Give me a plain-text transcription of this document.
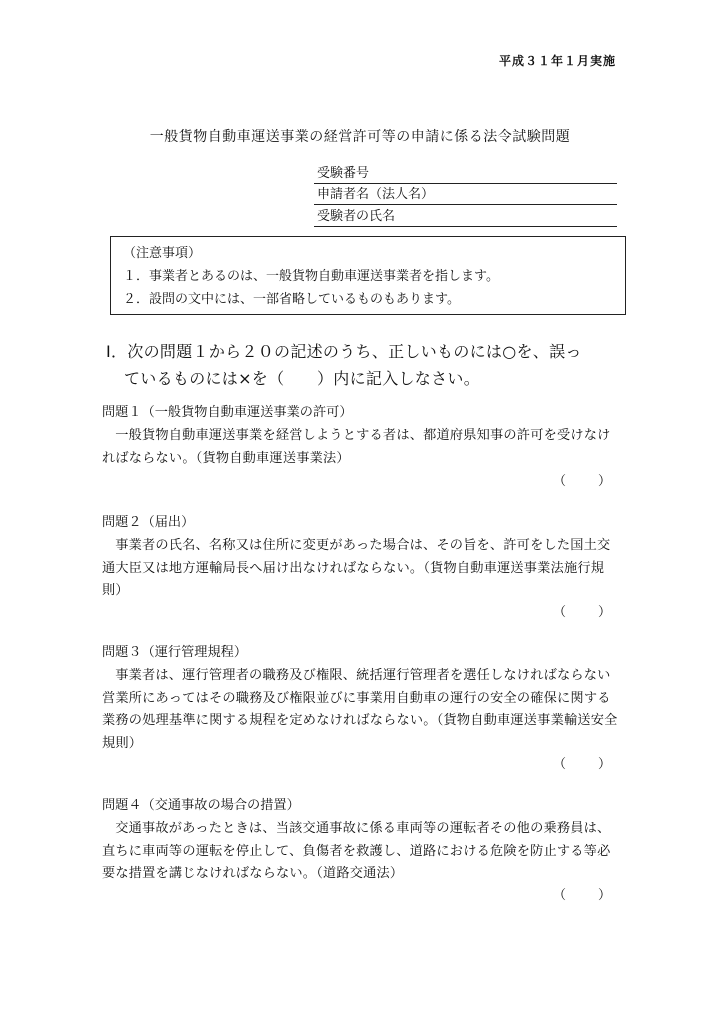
平成３１年１月実施
一般貨物自動車運送事業の経営許可等の申請に係る法令試験問題
受験番号
申請者名（法人名）
受験者の氏名
（注意事項）
１．事業者とあるのは、一般貨物自動車運送事業者を指します。
２．設問の文中には、一部省略しているものもあります。
Ⅰ．次の問題１から２０の記述のうち、正しいものには○を、誤っ
ているものには×を（　　）内に記入しなさい。
問題１（一般貨物自動車運送事業の許可）
一般貨物自動車運送事業を経営しようとする者は、都道府県知事の許可を受けなければならない。（貨物自動車運送事業法）
（ ）
問題２（届出）
事業者の氏名、名称又は住所に変更があった場合は、その旨を、許可をした国土交通大臣又は地方運輸局長へ届け出なければならない。（貨物自動車運送事業法施行規則）
（ ）
問題３（運行管理規程）
事業者は、運行管理者の職務及び権限、統括運行管理者を選任しなければならない営業所にあってはその職務及び権限並びに事業用自動車の運行の安全の確保に関する業務の処理基準に関する規程を定めなければならない。（貨物自動車運送事業輸送安全規則）
（ ）
問題４（交通事故の場合の措置）
交通事故があったときは、当該交通事故に係る車両等の運転者その他の乗務員は、直ちに車両等の運転を停止して、負傷者を救護し、道路における危険を防止する等必要な措置を講じなければならない。（道路交通法）
（ ）
